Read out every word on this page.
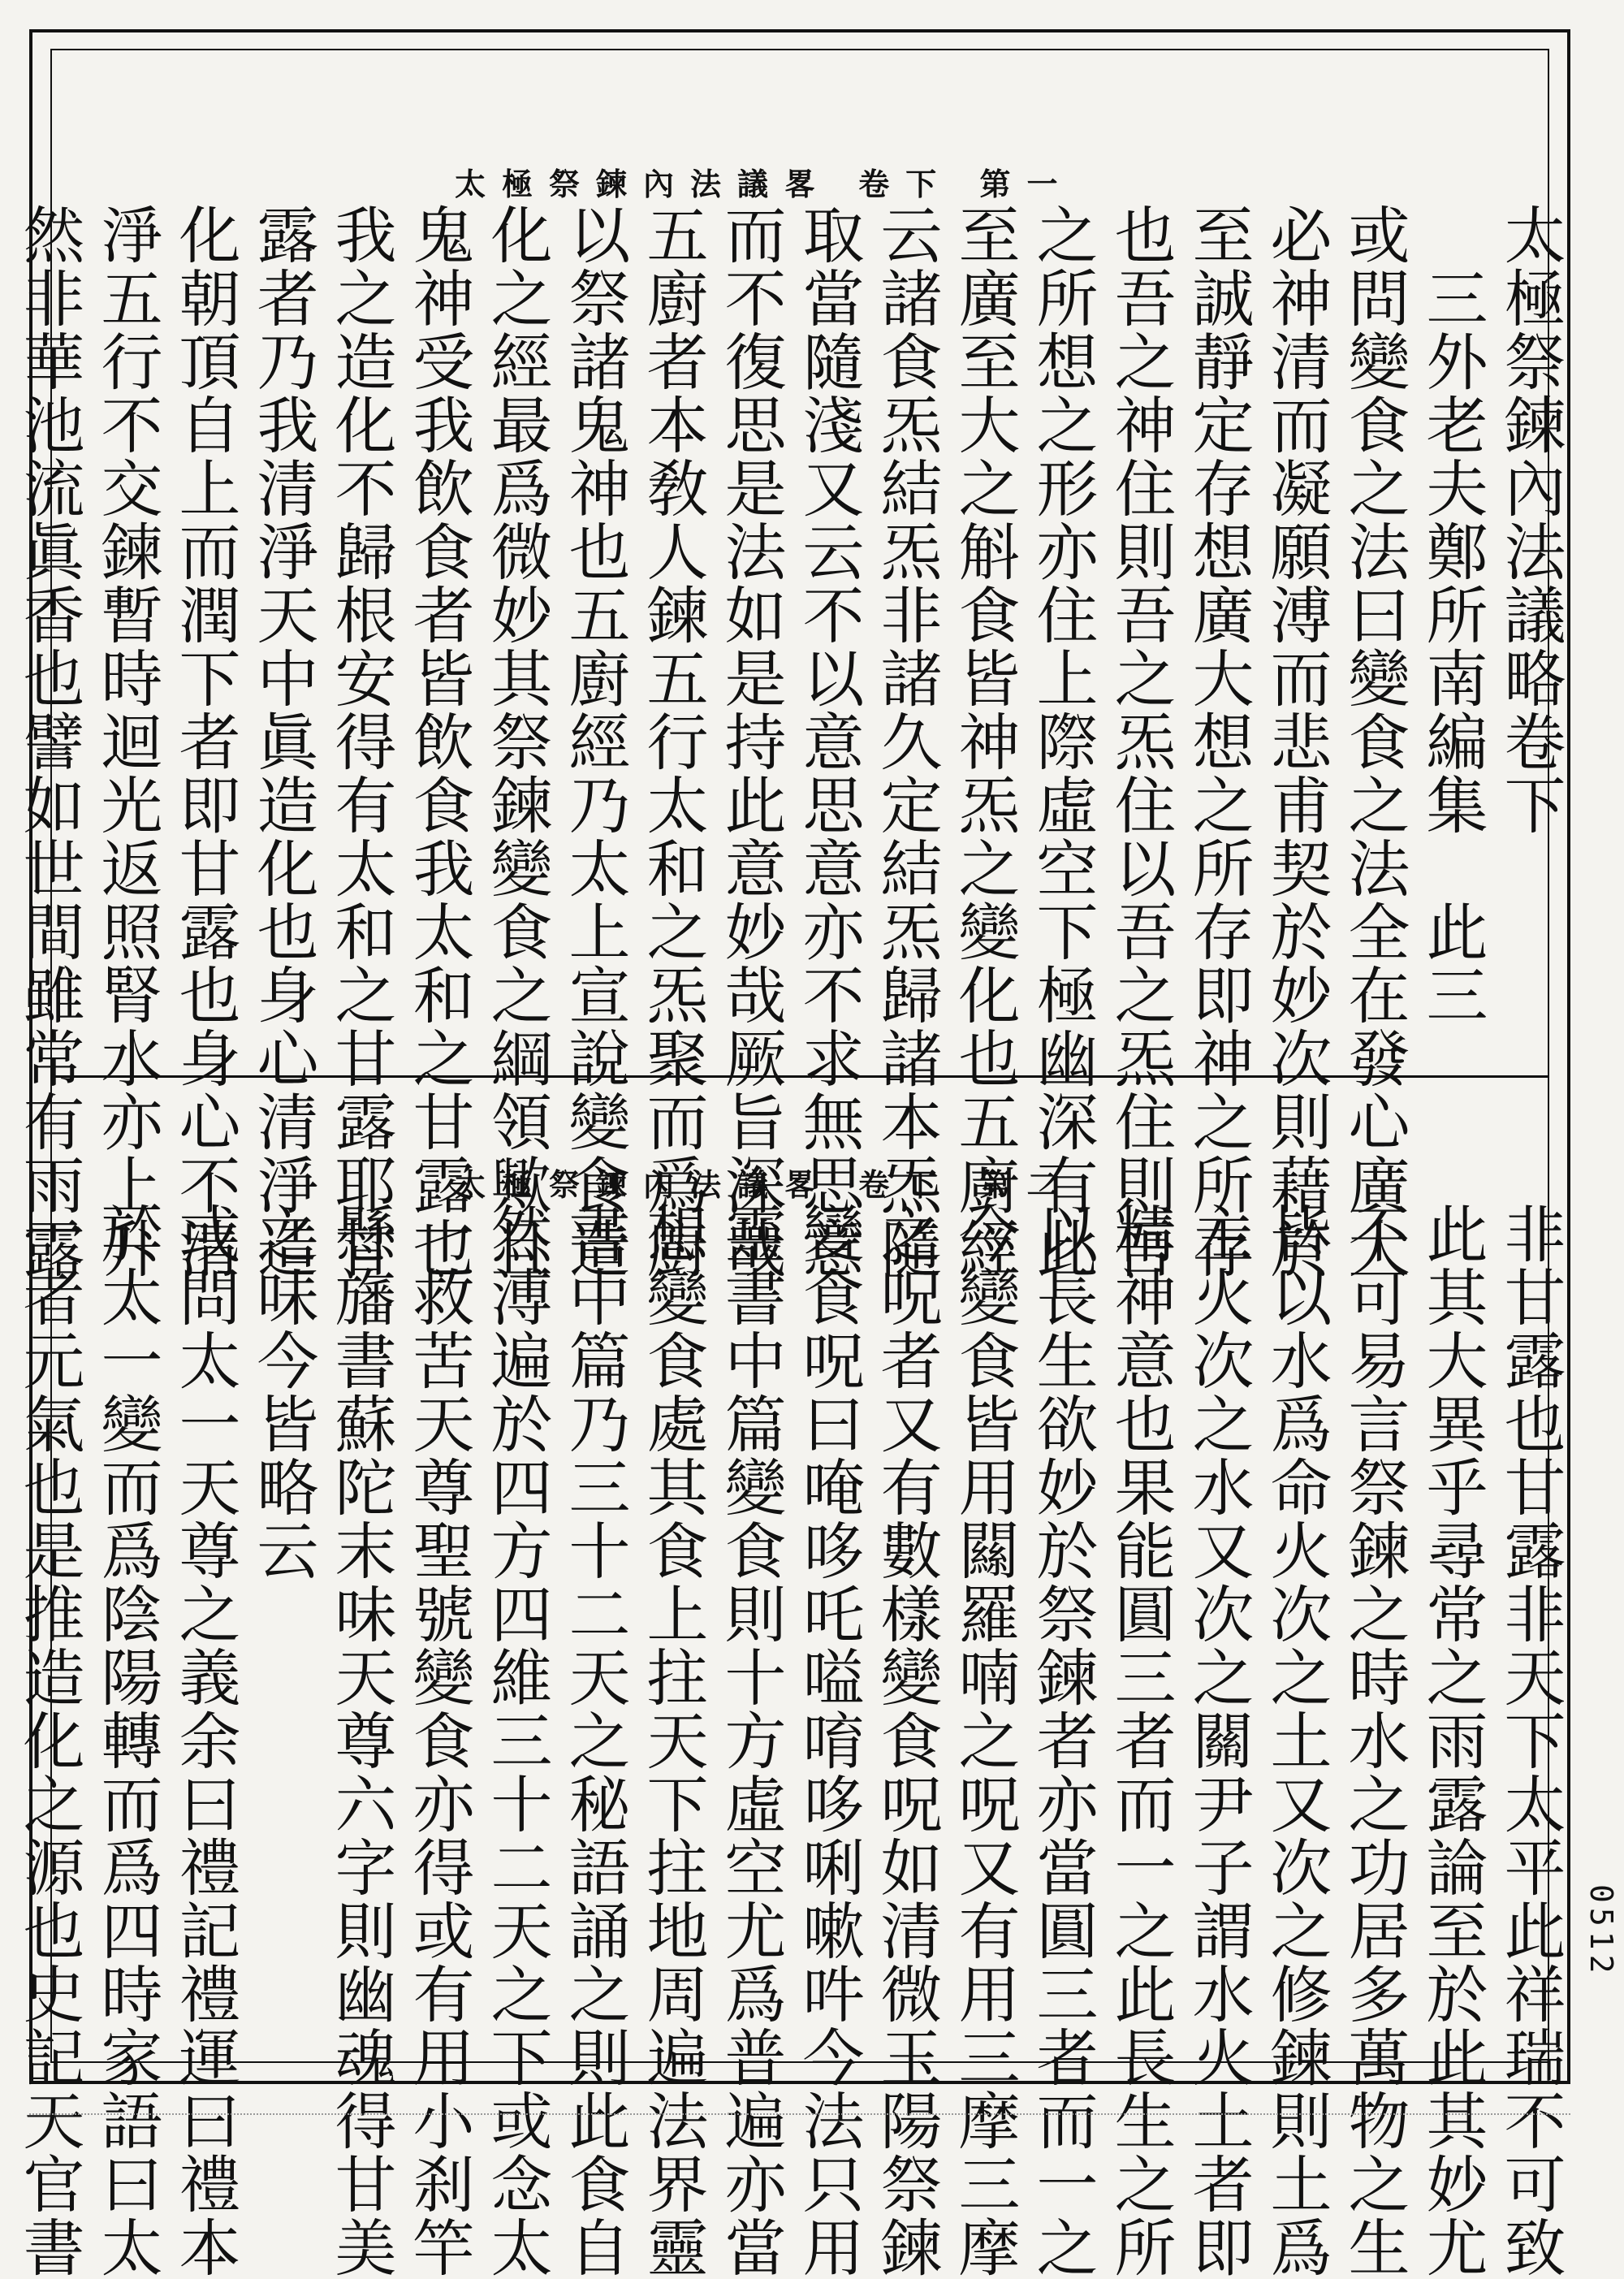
太極祭鍊內法議畧 卷下 第一
太極祭鍊內法議略卷下
　三外老夫鄭所南編集　此三
或問變食之法曰變食之法全在發心廣大
必神清而凝願溥而悲甫契於妙次則藉於
至誠靜定存想廣大想之所存即神之所存
也吾之神住則吾之炁住以吾之炁住則吾
之所想之形亦住上際虛空下極幽深有此
至廣至大之斛食皆神炁之變化也五廚經
云諸食炁結炁非諸久定結炁歸諸本炁隨
取當隨淺又云不以意思意亦不求無思意
而不復思是法如是持此意妙哉厥旨深哉
五廚者本敎人鍊五行太和之炁聚而爲廚
以祭諸鬼神也五廚經乃太上宣說變食造
化之經最爲微妙其祭鍊變食之綱領歟且
鬼神受我飲食者皆飲食我太和之甘露也
我之造化不歸根安得有太和之甘露耶甘
露者乃我清淨天中眞造化也身心清淨造
化朝頂自上而潤下者即甘露也身心不清
淨五行不交鍊暫時迴光返照腎水亦上升
然非華池流眞香也譬如世間雖常有雨露	太極祭鍊內法議畧 卷下 第二
非甘露也甘露非天下太平此祥瑞不可致
此其大異乎尋常之雨露論至於此其妙尤
不可易言祭鍊之時水之功居多萬物之生
皆以水爲命火次之土又次之修鍊則土爲
主火次之水又次之關尹子謂水火土者即
精神意也果能圓三者而一之此長生之所
以長生欲妙於祭鍊者亦當圓三者而一之
今變食皆用𨶹羅喃之呪又有用三摩三摩
之呪者又有數樣變食呪如清微玉陽祭鍊
變食呪曰唵哆吒嗌唷哆唎嗽吽今法只用
靈書中篇變食則十方虛空尤爲普遍亦當
想變食處其食上拄天下拄地周遍法界靈
書中篇乃三十二天之秘語誦之則此食自
然溥遍於四方四維三十二天之下或念太
一救苦天尊聖號變食亦得或有用小刹竿
懸旛書蘇陀末味天尊六字則幽魂得甘美
之味今皆略云
或問太一天尊之義余曰禮記禮運曰禮本
於太一變而爲陰陽轉而爲四時家語曰太
一者元氣也是推造化之源也史記天官書	0512
